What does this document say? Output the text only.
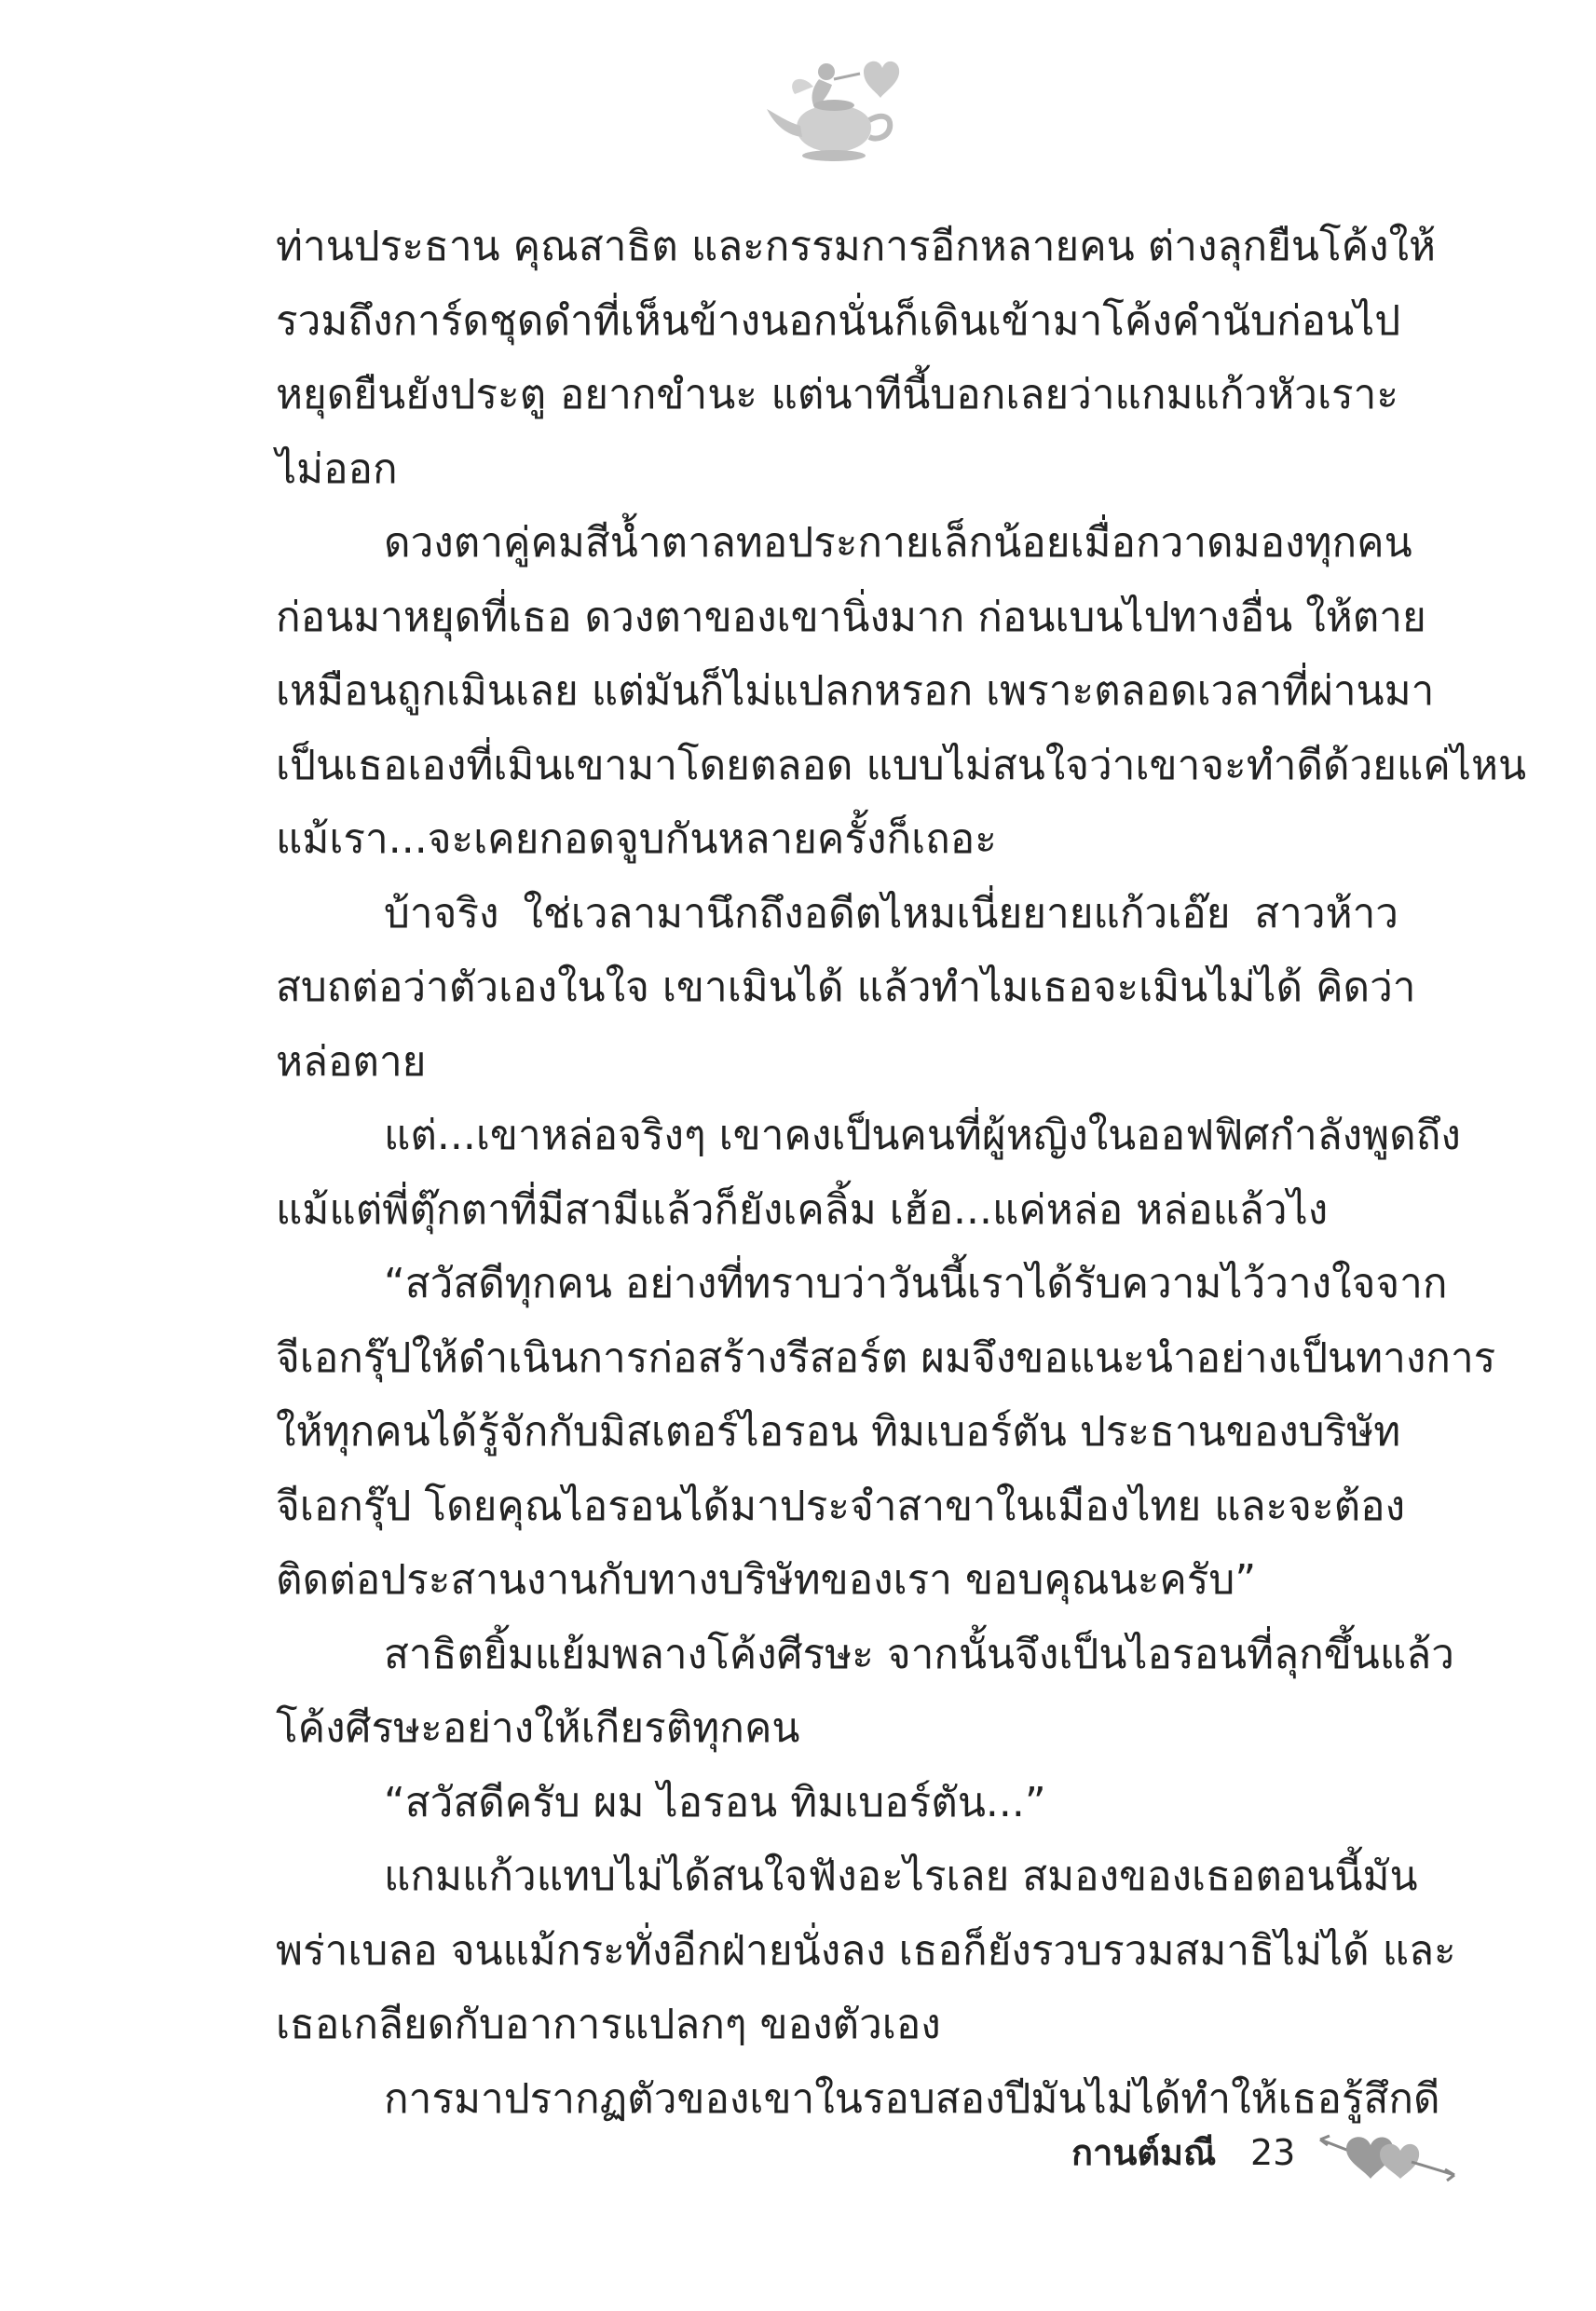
ท่านประธาน คุณสาธิต และกรรมการอีกหลายคน ต่างลุกยืนโค้งให้
รวมถึงการ์ดชุดดำที่เห็นข้างนอกนั่นก็เดินเข้ามาโค้งคำนับก่อนไป
หยุดยืนยังประตู อยากขำนะ แต่นาทีนี้บอกเลยว่าแกมแก้วหัวเราะ
ไม่ออก
ดวงตาคู่คมสีน้ำตาลทอประกายเล็กน้อยเมื่อกวาดมองทุกคน
ก่อนมาหยุดที่เธอ ดวงตาของเขานิ่งมาก ก่อนเบนไปทางอื่น ให้ตาย
เหมือนถูกเมินเลย แต่มันก็ไม่แปลกหรอก เพราะตลอดเวลาที่ผ่านมา
เป็นเธอเองที่เมินเขามาโดยตลอด แบบไม่สนใจว่าเขาจะทำดีด้วยแค่ไหน
แม้เรา...จะเคยกอดจูบกันหลายครั้งก็เถอะ
บ้าจริง ใช่เวลามานึกถึงอดีตไหมเนี่ยยายแก้วเอ๊ย สาวห้าว
สบถต่อว่าตัวเองในใจ เขาเมินได้ แล้วทำไมเธอจะเมินไม่ได้ คิดว่า
หล่อตาย
แต่...เขาหล่อจริงๆ เขาคงเป็นคนที่ผู้หญิงในออฟฟิศกำลังพูดถึง
แม้แต่พี่ตุ๊กตาที่มีสามีแล้วก็ยังเคลิ้ม เฮ้อ...แค่หล่อ หล่อแล้วไง
“สวัสดีทุกคน อย่างที่ทราบว่าวันนี้เราได้รับความไว้วางใจจาก
จีเอกรุ๊ปให้ดำเนินการก่อสร้างรีสอร์ต ผมจึงขอแนะนำอย่างเป็นทางการ
ให้ทุกคนได้รู้จักกับมิสเตอร์ไอรอน ทิมเบอร์ตัน ประธานของบริษัท
จีเอกรุ๊ป โดยคุณไอรอนได้มาประจำสาขาในเมืองไทย และจะต้อง
ติดต่อประสานงานกับทางบริษัทของเรา ขอบคุณนะครับ”
สาธิตยิ้มแย้มพลางโค้งศีรษะ จากนั้นจึงเป็นไอรอนที่ลุกขึ้นแล้ว
โค้งศีรษะอย่างให้เกียรติทุกคน
“สวัสดีครับ ผม ไอรอน ทิมเบอร์ตัน...”
แกมแก้วแทบไม่ได้สนใจฟังอะไรเลย สมองของเธอตอนนี้มัน
พร่าเบลอ จนแม้กระทั่งอีกฝ่ายนั่งลง เธอก็ยังรวบรวมสมาธิไม่ได้ และ
เธอเกลียดกับอาการแปลกๆ ของตัวเอง
การมาปรากฏตัวของเขาในรอบสองปีมันไม่ได้ทำให้เธอรู้สึกดี
กานต์มณี 23
